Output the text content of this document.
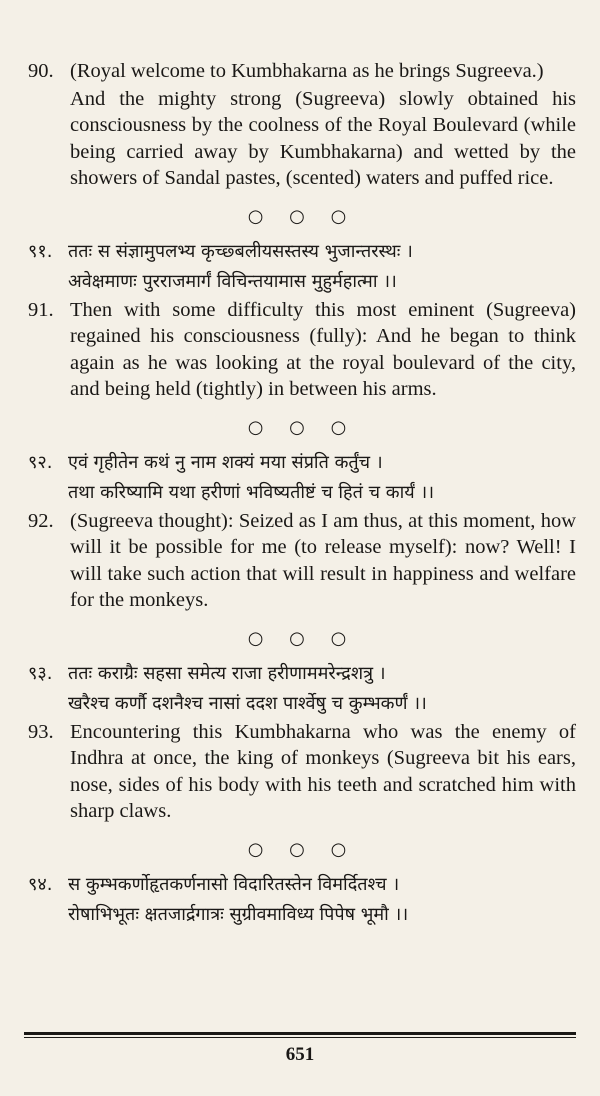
90. (Royal welcome to Kumbhakarna as he brings Sugreeva.)

And the mighty strong (Sugreeva) slowly obtained his consciousness by the coolness of the Royal Boulevard (while being carried away by Kumbhakarna) and wetted by the showers of Sandal pastes, (scented) waters and puffed rice.

○ ○ ○
९१. ततः स संज्ञामुपलभ्य कृच्छ्बलीयसस्तस्य भुजान्तरस्थः ।

अवेक्षमाणः पुरराजमार्गं विचिन्तयामास मुहुर्महात्मा ।।

91. Then with some difficulty this most eminent (Sugreeva) regained his consciousness (fully): And he began to think again as he was looking at the royal boulevard of the city, and being held (tightly) in between his arms.

○ ○ ○
९२. एवं गृहीतेन कथं नु नाम शक्यं मया संप्रति कर्तुंच ।

तथा करिष्यामि यथा हरीणां भविष्यतीष्टं च हितं च कार्यं ।।

92. (Sugreeva thought): Seized as I am thus, at this moment, how will it be possible for me (to release myself): now? Well! I will take such action that will result in happiness and welfare for the monkeys.

○ ○ ○
९३. ततः कराग्रैः सहसा समेत्य राजा हरीणाममरेन्द्रशत्रु ।

खरैश्च कर्णौ दशनैश्च नासां ददश पार्श्वेषु च कुम्भकर्णं ।।

93. Encountering this Kumbhakarna who was the enemy of Indhra at once, the king of monkeys (Sugreeva bit his ears, nose, sides of his body with his teeth and scratched him with sharp claws.

○ ○ ○
९४. स कुम्भकर्णोहृतकर्णनासो विदारितस्तेन विमर्दितश्च ।

रोषाभिभूतः क्षतजार्द्रगात्रः सुग्रीवमाविध्य पिपेष भूमौ ।।

651
